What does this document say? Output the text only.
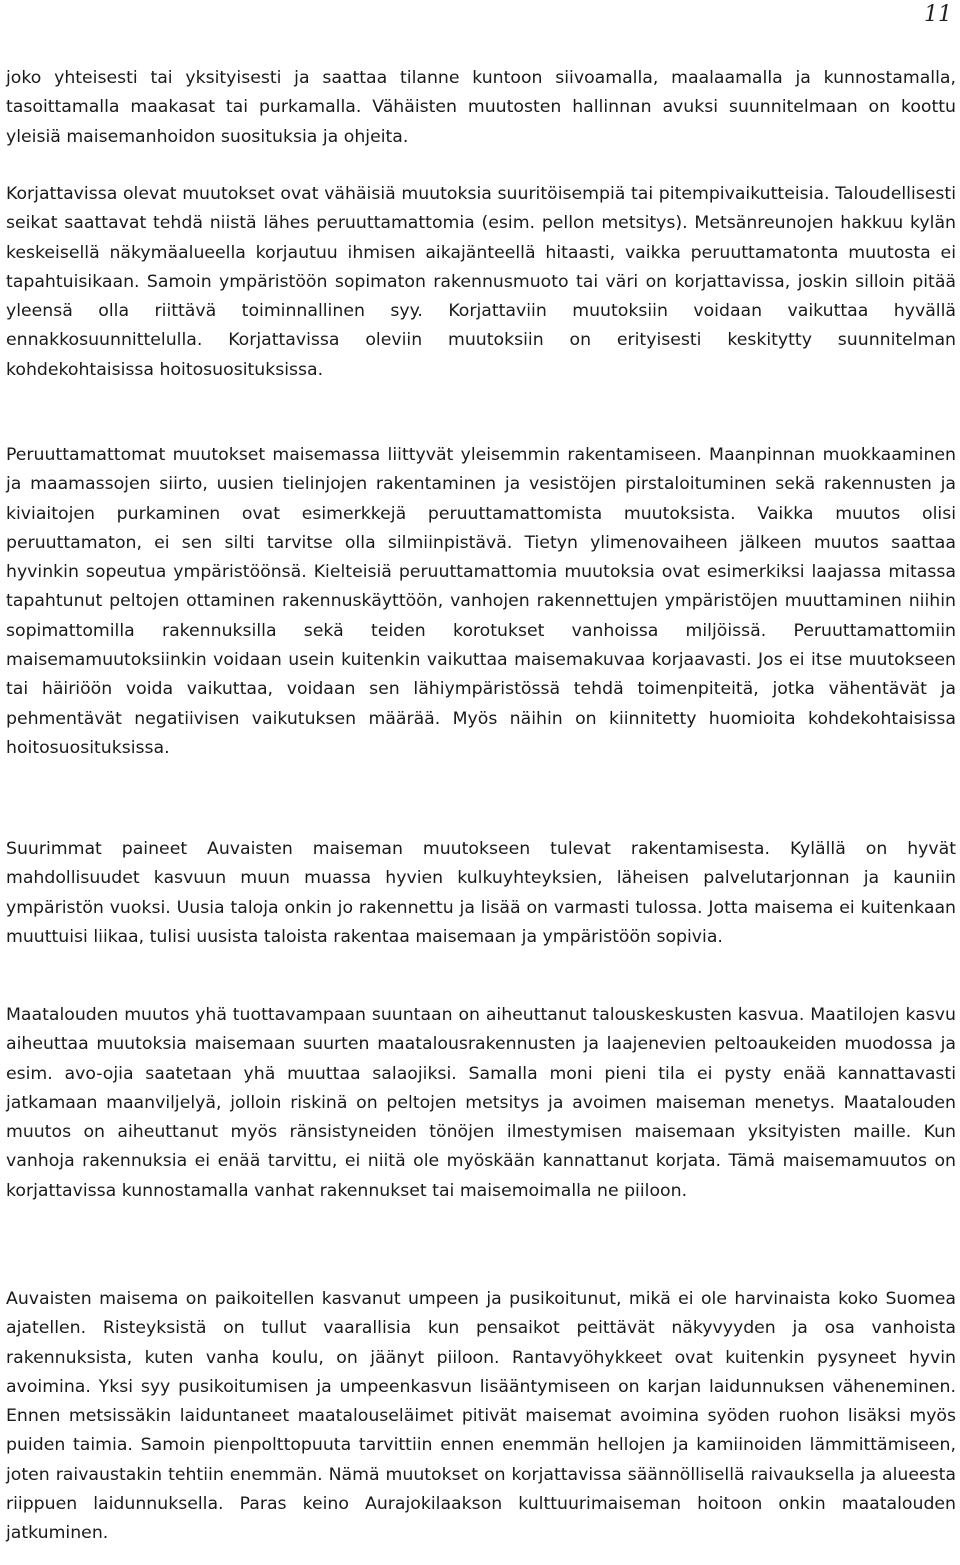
11

joko yhteisesti tai yksityisesti ja saattaa tilanne kuntoon siivoamalla, maalaamalla ja kunnostamalla, tasoittamalla maakasat tai purkamalla. Vähäisten muutosten hallinnan avuksi suunnitelmaan on koottu yleisiä maisemanhoidon suosituksia ja ohjeita.

Korjattavissa olevat muutokset ovat vähäisiä muutoksia suuritöisempiä tai pitempivaikutteisia. Taloudellisesti seikat saattavat tehdä niistä lähes peruuttamattomia (esim. pellon metsitys). Metsänreunojen hakkuu kylän keskeisellä näkymäalueella korjautuu ihmisen aikajänteellä hitaasti, vaikka peruuttamatonta muutosta ei tapahtuisikaan. Samoin ympäristöön sopimaton rakennusmuoto tai väri on korjattavissa, joskin silloin pitää yleensä olla riittävä toiminnallinen syy. Korjattaviin muutoksiin voidaan vaikuttaa hyvällä ennakkosuunnittelulla. Korjattavissa oleviin muutoksiin on erityisesti keskitytty suunnitelman kohdekohtaisissa hoitosuosituksissa.

Peruuttamattomat muutokset maisemassa liittyvät yleisemmin rakentamiseen. Maanpinnan muokkaaminen ja maamassojen siirto, uusien tielinjojen rakentaminen ja vesistöjen pirstaloituminen sekä rakennusten ja kiviaitojen purkaminen ovat esimerkkejä peruuttamattomista muutoksista. Vaikka muutos olisi peruuttamaton, ei sen silti tarvitse olla silmiinpistävä. Tietyn ylimenovaiheen jälkeen muutos saattaa hyvinkin sopeutua ympäristöönsä. Kielteisiä peruuttamattomia muutoksia ovat esimerkiksi laajassa mitassa tapahtunut peltojen ottaminen rakennuskäyttöön, vanhojen rakennettujen ympäristöjen muuttaminen niihin sopimattomilla rakennuksilla sekä teiden korotukset vanhoissa miljöissä. Peruuttamattomiin maisemamuutoksiinkin voidaan usein kuitenkin vaikuttaa maisemakuvaa korjaavasti. Jos ei itse muutokseen tai häiriöön voida vaikuttaa, voidaan sen lähiympäristössä tehdä toimenpiteitä, jotka vähentävät ja pehmentävät negatiivisen vaikutuksen määrää. Myös näihin on kiinnitetty huomioita kohdekohtaisissa hoitosuosituksissa.

Suurimmat paineet Auvaisten maiseman muutokseen tulevat rakentamisesta. Kylällä on hyvät mahdollisuudet kasvuun muun muassa hyvien kulkuyhteyksien, läheisen palvelutarjonnan ja kauniin ympäristön vuoksi. Uusia taloja onkin jo rakennettu ja lisää on varmasti tulossa. Jotta maisema ei kuitenkaan muuttuisi liikaa, tulisi uusista taloista rakentaa maisemaan ja ympäristöön sopivia.

Maatalouden muutos yhä tuottavampaan suuntaan on aiheuttanut talouskeskusten kasvua. Maatilojen kasvu aiheuttaa muutoksia maisemaan suurten maatalousrakennusten ja laajenevien peltoaukeiden muodossa ja esim. avo-ojia saatetaan yhä muuttaa salaojiksi. Samalla moni pieni tila ei pysty enää kannattavasti jatkamaan maanviljelyä, jolloin riskinä on peltojen metsitys ja avoimen maiseman menetys. Maatalouden muutos on aiheuttanut myös ränsistyneiden tönöjen ilmestymisen maisemaan yksityisten maille. Kun vanhoja rakennuksia ei enää tarvittu, ei niitä ole myöskään kannattanut korjata. Tämä maisemamuutos on korjattavissa kunnostamalla vanhat rakennukset tai maisemoimalla ne piiloon.

Auvaisten maisema on paikoitellen kasvanut umpeen ja pusikoitunut, mikä ei ole harvinaista koko Suomea ajatellen. Risteyksistä on tullut vaarallisia kun pensaikot peittävät näkyvyyden ja osa vanhoista rakennuksista, kuten vanha koulu, on jäänyt piiloon. Rantavyöhykkeet ovat kuitenkin pysyneet hyvin avoimina. Yksi syy pusikoitumisen ja umpeenkasvun lisääntymiseen on karjan laidunnuksen väheneminen. Ennen metsissäkin laiduntaneet maatalouseläimet pitivät maisemat avoimina syöden ruohon lisäksi myös puiden taimia. Samoin pienpolttopuuta tarvittiin ennen enemmän hellojen ja kamiinoiden lämmittämiseen, joten raivaustakin tehtiin enemmän. Nämä muutokset on korjattavissa säännöllisellä raivauksella ja alueesta riippuen laidunnuksella. Paras keino Aurajokilaakson kulttuurimaiseman hoitoon onkin maatalouden jatkuminen.
